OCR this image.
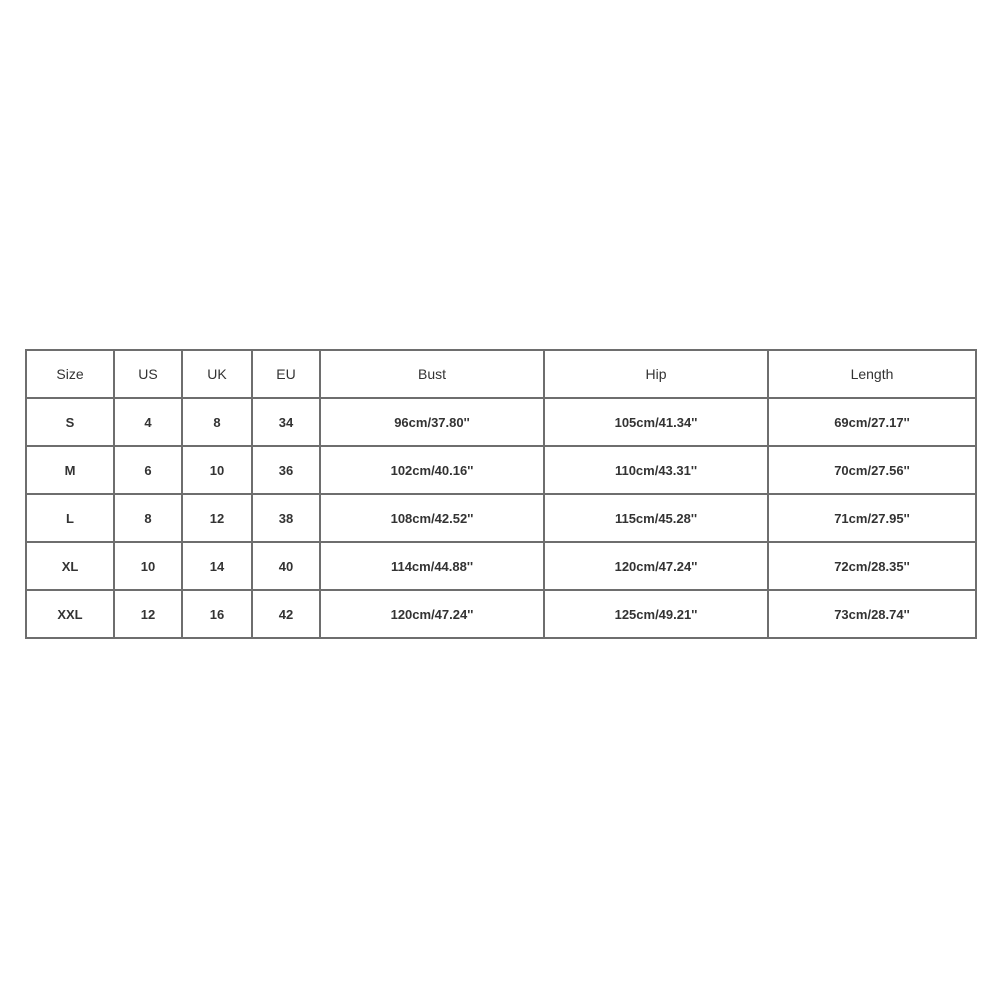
Size	US	UK	EU	Bust	Hip	Length
S	4	8	34	96cm/37.80''	105cm/41.34''	69cm/27.17''
M	6	10	36	102cm/40.16''	110cm/43.31''	70cm/27.56''
L	8	12	38	108cm/42.52''	115cm/45.28''	71cm/27.95''
XL	10	14	40	114cm/44.88''	120cm/47.24''	72cm/28.35''
XXL	12	16	42	120cm/47.24''	125cm/49.21''	73cm/28.74''
